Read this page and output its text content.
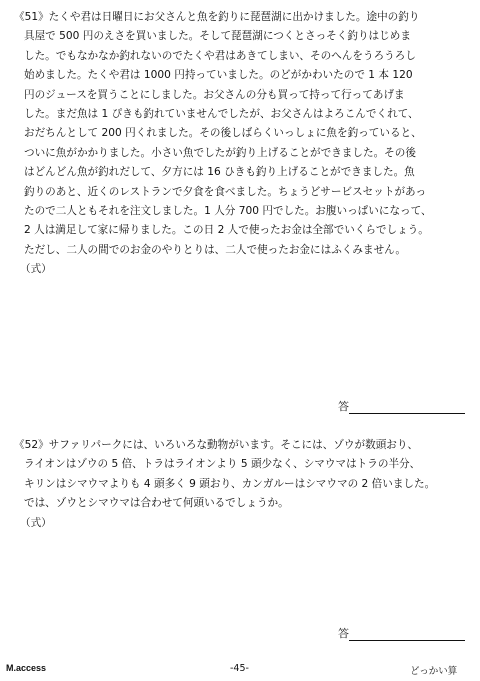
《51》たくや君は日曜日にお父さんと魚を釣りに琵琶湖に出かけました。途中の釣り
具屋で 500 円のえさを買いました。そして琵琶湖につくとさっそく釣りはじめま
した。でもなかなか釣れないのでたくや君はあきてしまい、そのへんをうろうろし
始めました。たくや君は 1000 円持っていました。のどがかわいたので 1 本 120
円のジュースを買うことにしました。お父さんの分も買って持って行ってあげま
した。まだ魚は 1 ぴきも釣れていませんでしたが、お父さんはよろこんでくれて、
おだちんとして 200 円くれました。その後しばらくいっしょに魚を釣っていると、
ついに魚がかかりました。小さい魚でしたが釣り上げることができました。その後
はどんどん魚が釣れだして、夕方には 16 ひきも釣り上げることができました。魚
釣りのあと、近くのレストランで夕食を食べました。ちょうどサービスセットがあっ
たので二人ともそれを注文しました。1 人分 700 円でした。お腹いっぱいになって、
2 人は満足して家に帰りました。この日 2 人で使ったお金は全部でいくらでしょう。
ただし、二人の間でのお金のやりとりは、二人で使ったお金にはふくみません。
（式）
答
《52》サファリパークには、いろいろな動物がいます。そこには、ゾウが数頭おり、
ライオンはゾウの 5 倍、トラはライオンより 5 頭少なく、シマウマはトラの半分、
キリンはシマウマよりも 4 頭多く 9 頭おり、カンガルーはシマウマの 2 倍いました。
では、ゾウとシマウマは合わせて何頭いるでしょうか。
（式）
答
M.access	-45-	どっかい算
